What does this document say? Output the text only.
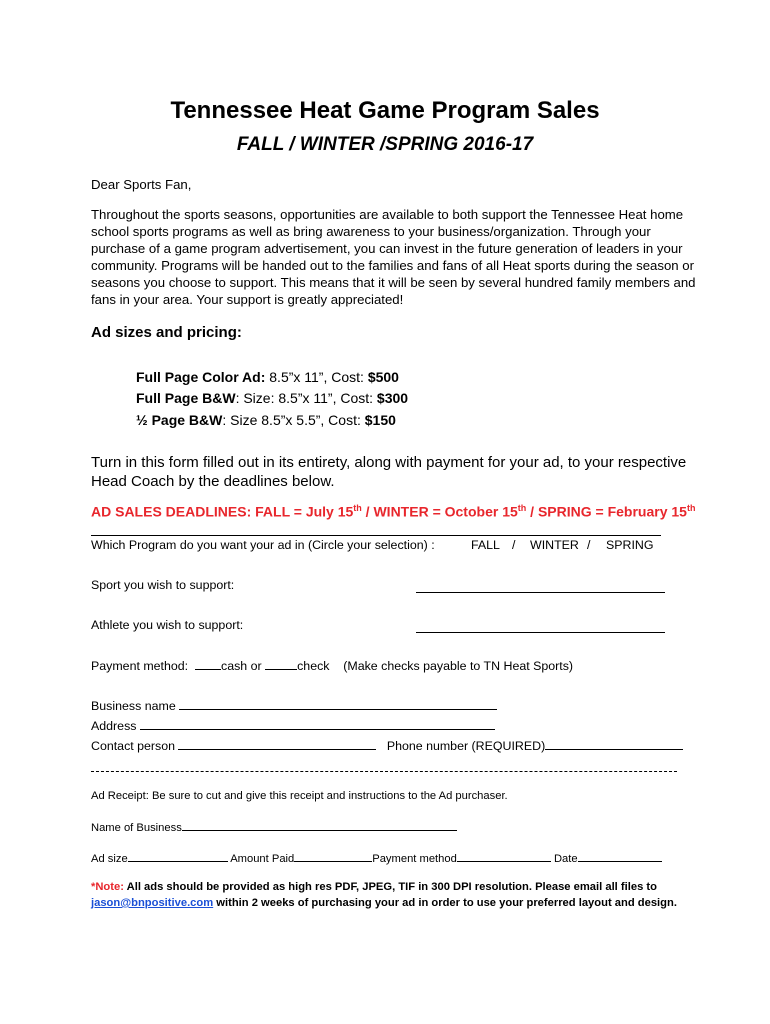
Tennessee Heat Game Program Sales
FALL / WINTER /SPRING 2016-17
Dear Sports Fan,
Throughout the sports seasons, opportunities are available to both support the Tennessee Heat home
school sports programs as well as bring awareness to your business/organization. Through your
purchase of a game program advertisement, you can invest in the future generation of leaders in your
community. Programs will be handed out to the families and fans of all Heat sports during the season or
seasons you choose to support. This means that it will be seen by several hundred family members and
fans in your area. Your support is greatly appreciated!
Ad sizes and pricing:
Full Page Color Ad: 8.5”x 11”, Cost: $500
Full Page B&W: Size: 8.5”x 11”, Cost: $300
½ Page B&W: Size 8.5”x 5.5”, Cost: $150
Turn in this form filled out in its entirety, along with payment for your ad, to your respective
Head Coach by the deadlines below.
AD SALES DEADLINES: FALL = July 15th / WINTER = October 15th / SPRING = February 15th
Which Program do you want your ad in (Circle your selection) :	FALL / WINTER / SPRING
Sport you wish to support:
Athlete you wish to support:
Payment method:	cash or	check (Make checks payable to TN Heat Sports)
Business name
Address
Contact person	Phone number (REQUIRED)
Ad Receipt: Be sure to cut and give this receipt and instructions to the Ad purchaser.
Name of Business
Ad size	Amount Paid	Payment method	Date
*Note: All ads should be provided as high res PDF, JPEG, TIF in 300 DPI resolution. Please email all files to
jason@bnpositive.com within 2 weeks of purchasing your ad in order to use your preferred layout and design.
